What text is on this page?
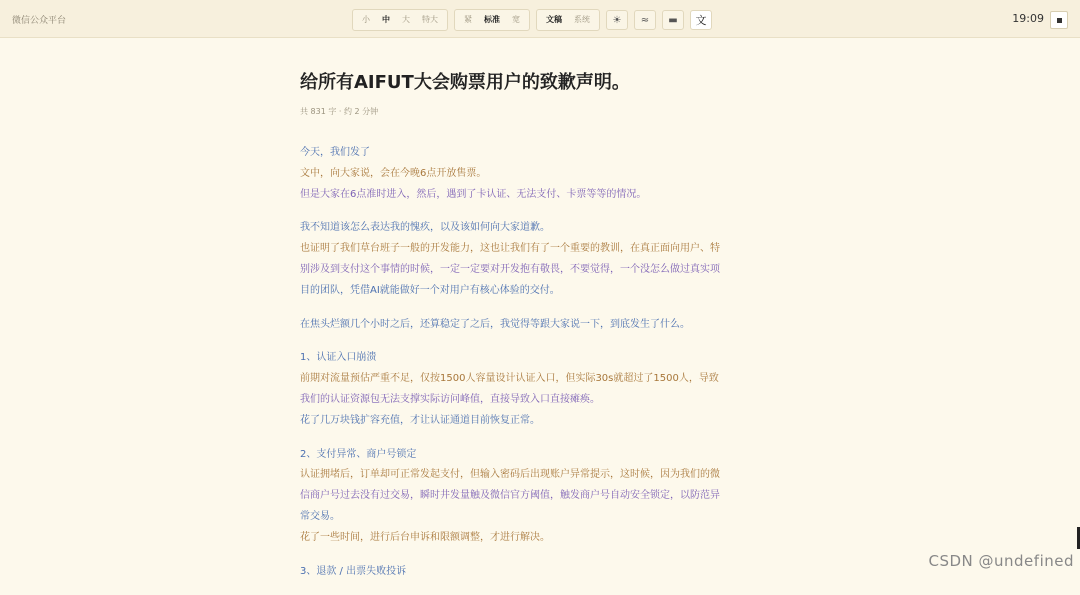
微信公众平台	小	中	大	特大	紧	标准	宽	文稿	系统	☀	≈	▬	文	19:09
给所有AIFUT大会购票用户的致歉声明。
共 831 字 · 约 2 分钟
今天，我们发了
文中，向大家说，会在今晚6点开放售票。
但是大家在6点准时进入，然后，遇到了卡认证、无法支付、卡票等等的情况。
我不知道该怎么表达我的愧疚，以及该如何向大家道歉。
也证明了我们草台班子一般的开发能力，这也让我们有了一个重要的教训，在真正面向用户、特
别涉及到支付这个事情的时候，一定一定要对开发抱有敬畏，不要觉得，一个没怎么做过真实项
目的团队，凭借AI就能做好一个对用户有核心体验的交付。
在焦头烂额几个小时之后，还算稳定了之后，我觉得等跟大家说一下，到底发生了什么。
1、认证入口崩溃
前期对流量预估严重不足，仅按1500人容量设计认证入口，但实际30s就超过了1500人，导致
我们的认证资源包无法支撑实际访问峰值，直接导致入口直接瘫痪。
花了几万块钱扩容充值，才让认证通道目前恢复正常。
2、支付异常、商户号锁定
认证拥堵后，订单却可正常发起支付，但输入密码后出现账户异常提示，这时候，因为我们的微
信商户号过去没有过交易，瞬时井发量触及微信官方阈值，触发商户号自动安全锁定，以防范异
常交易。
花了一些时间，进行后台申诉和限额调整，才进行解决。
3、退款 / 出票失败投诉
CSDN @undefined
